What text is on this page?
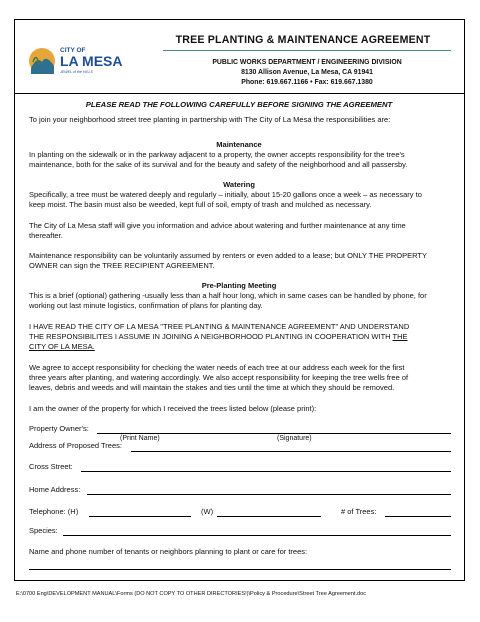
CITY OF
LA MESA
JEWEL of the HILLS
TREE PLANTING & MAINTENANCE AGREEMENT
PUBLIC WORKS DEPARTMENT / ENGINEERING DIVISION
8130 Allison Avenue, La Mesa, CA 91941
Phone: 619.667.1166 • Fax: 619.667.1380
PLEASE READ THE FOLLOWING CAREFULLY BEFORE SIGNING THE AGREEMENT
To join your neighborhood street tree planting in partnership with The City of La Mesa the responsibilities are:
Maintenance
In planting on the sidewalk or in the parkway adjacent to a property, the owner accepts responsibility for the tree's
maintenance, both for the sake of its survival and for the beauty and safety of the neighborhood and all passersby.
Watering
Specifically, a tree must be watered deeply and regularly – initially, about 15-20 gallons once a week – as necessary to
keep moist. The basin must also be weeded, kept full of soil, empty of trash and mulched as necessary.
The City of La Mesa staff will give you information and advice about watering and further maintenance at any time
thereafter.
Maintenance responsibility can be voluntarily assumed by renters or even added to a lease; but ONLY THE PROPERTY
OWNER can sign the TREE RECIPIENT AGREEMENT.
Pre-Planting Meeting
This is a brief (optional) gathering -usually less than a half hour long, which in same cases can be handled by phone, for
working out last minute logistics, confirmation of plans for planting day.
I HAVE READ THE CITY OF LA MESA "TREE PLANTING & MAINTENANCE AGREEMENT" AND UNDERSTAND
THE RESPONSIBILITES I ASSUME IN JOINING A NEIGHBORHOOD PLANTING IN COOPERATION WITH THE
CITY OF LA MESA.
We agree to accept responsibility for checking the water needs of each tree at our address each week for the first
three years after planting, and watering accordingly. We also accept responsibility for keeping the tree wells free of
leaves, debris and weeds and will maintain the stakes and ties until the time at which they should be removed.
I am the owner of the property for which I received the trees listed below (please print):
Property Owner's:
(Print Name)	(Signature)
Address of Proposed Trees:
Cross Street:
Home Address:
Telephone: (H)	(W)	# of Trees:
Species:
Name and phone number of tenants or neighbors planning to plant or care for trees:
E:\0700 Eng\DEVELOPMENT MANUAL\Forms (DO NOT COPY TO OTHER DIRECTORIES!)\Policy & Procedure\Street Tree Agreement.doc
